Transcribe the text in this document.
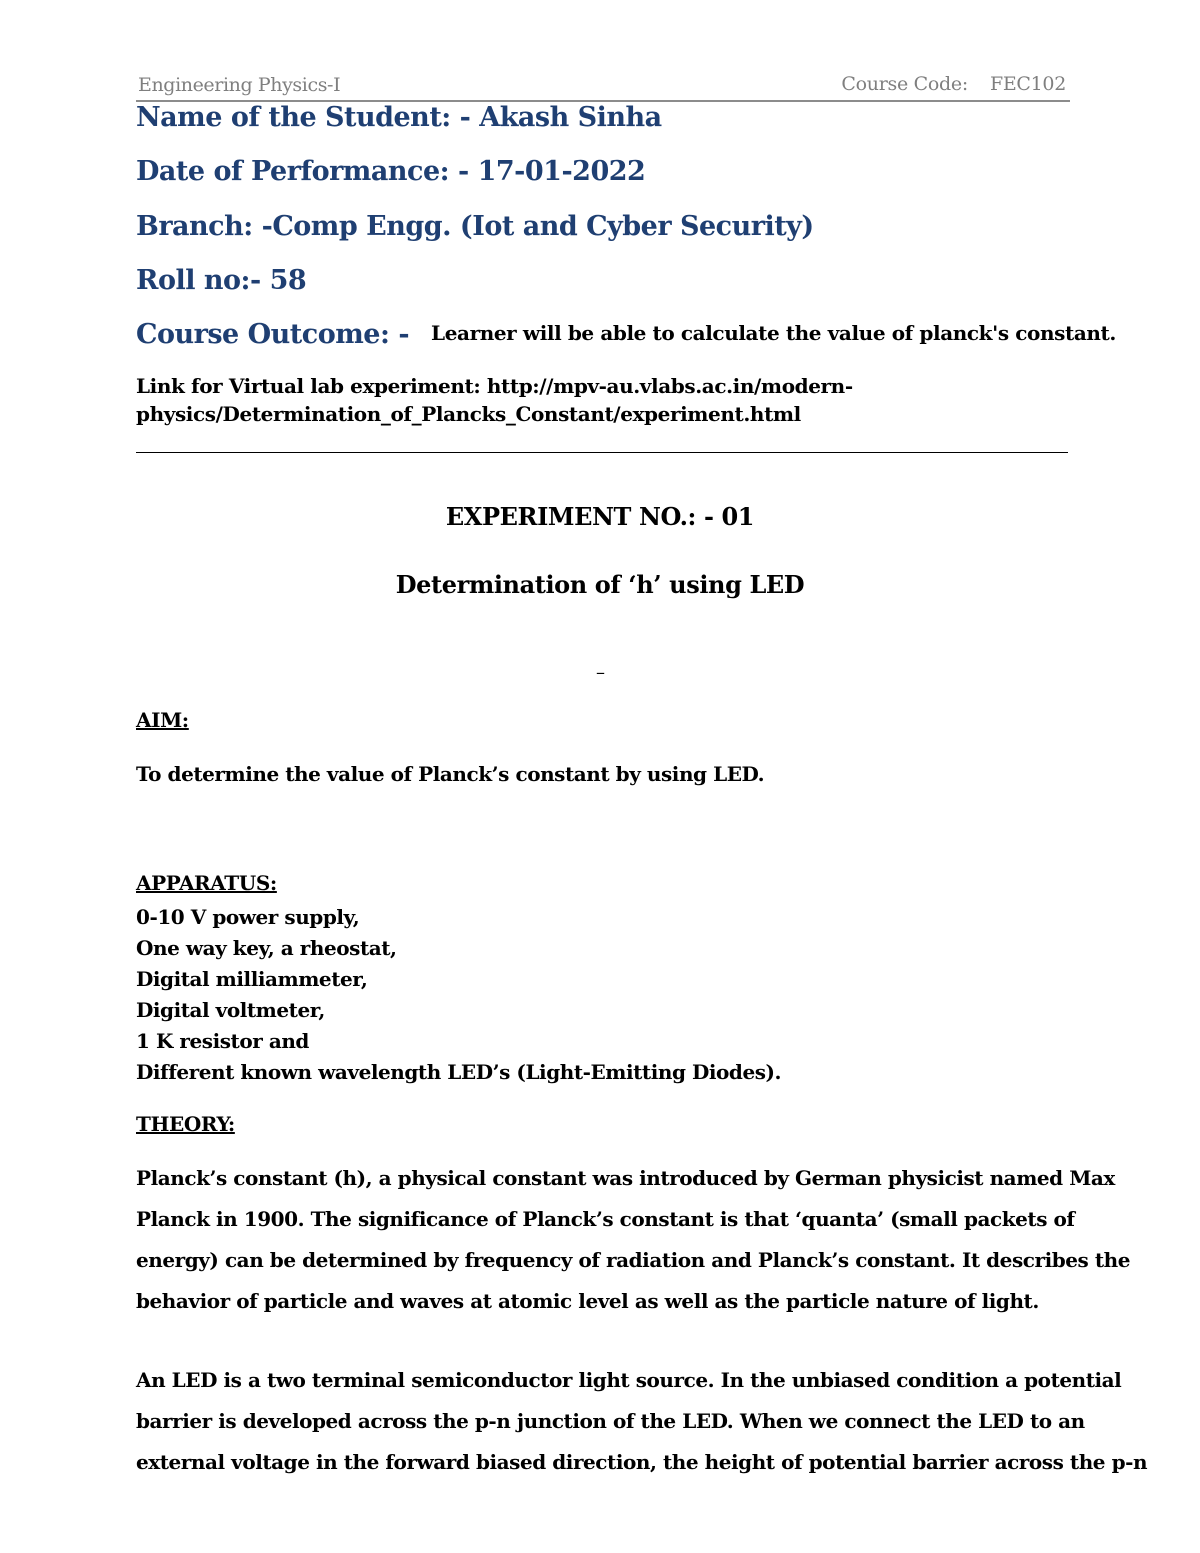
Engineering Physics-I	Course Code: FEC102
Name of the Student: - Akash Sinha
Date of Performance: - 17-01-2022
Branch: -Comp Engg. (Iot and Cyber Security)
Roll no:- 58
Course Outcome: - Learner will be able to calculate the value of planck's constant.
Link for Virtual lab experiment: http://mpv-au.vlabs.ac.in/modern-
physics/Determination_of_Plancks_Constant/experiment.html
EXPERIMENT NO.: - 01
Determination of ‘h’ using LED
–
AIM:
To determine the value of Planck’s constant by using LED.
APPARATUS:
0-10 V power supply,
One way key, a rheostat,
Digital milliammeter,
Digital voltmeter,
1 K resistor and
Different known wavelength LED’s (Light-Emitting Diodes).
THEORY:
Planck’s constant (h), a physical constant was introduced by German physicist named Max
Planck in 1900. The significance of Planck’s constant is that ‘quanta’ (small packets of
energy) can be determined by frequency of radiation and Planck’s constant. It describes the
behavior of particle and waves at atomic level as well as the particle nature of light.
An LED is a two terminal semiconductor light source. In the unbiased condition a potential
barrier is developed across the p-n junction of the LED. When we connect the LED to an
external voltage in the forward biased direction, the height of potential barrier across the p-n
